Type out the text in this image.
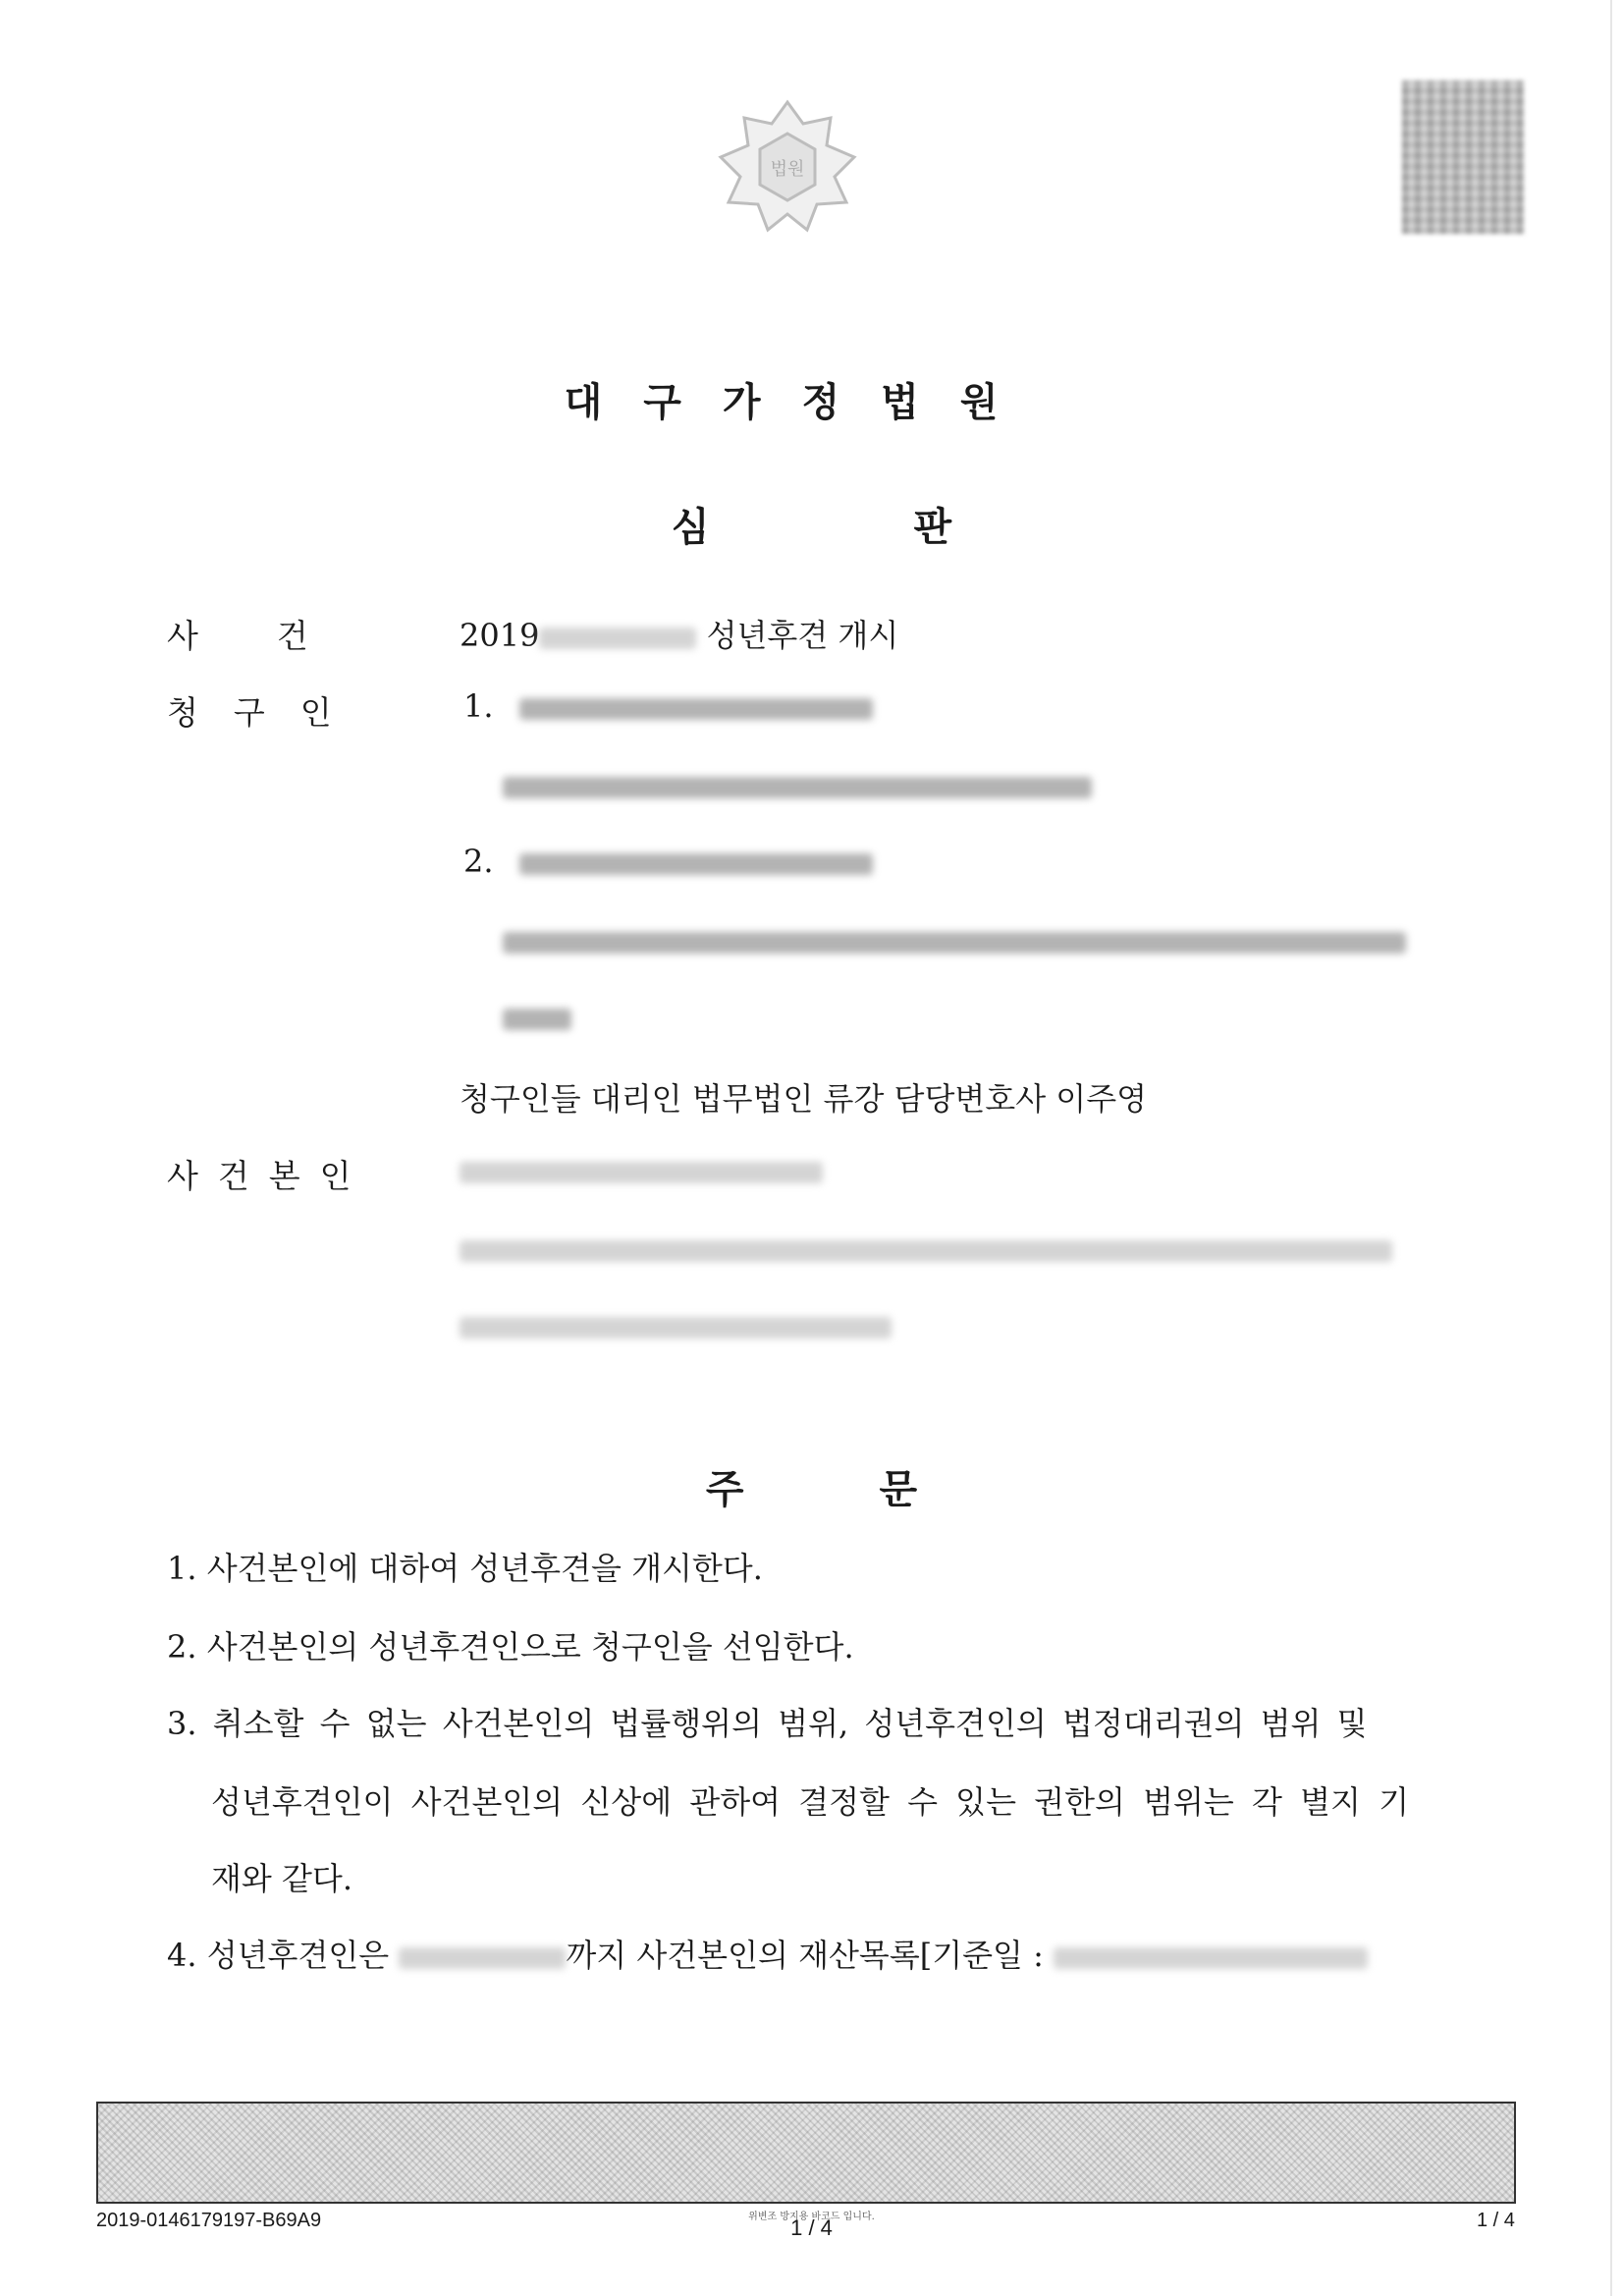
법원
대구가정법원
심	판
사건 2019	성년후견 개시
청구인	1.
2.
청구인들 대리인 법무법인 류강 담당변호사 이주영
사건본인
주	문
1. 사건본인에 대하여 성년후견을 개시한다.
2. 사건본인의 성년후견인으로 청구인을 선임한다.
3. 취소할 수 없는 사건본인의 법률행위의 범위, 성년후견인의 법정대리권의 범위 및
성년후견인이 사건본인의 신상에 관하여 결정할 수 있는 권한의 범위는 각 별지 기
재와 같다.
4. 성년후견인은	까지 사건본인의 재산목록[기준일 :
위변조 방지용 바코드 입니다.
2019-0146179197-B69A9	1 / 4	1 / 4
